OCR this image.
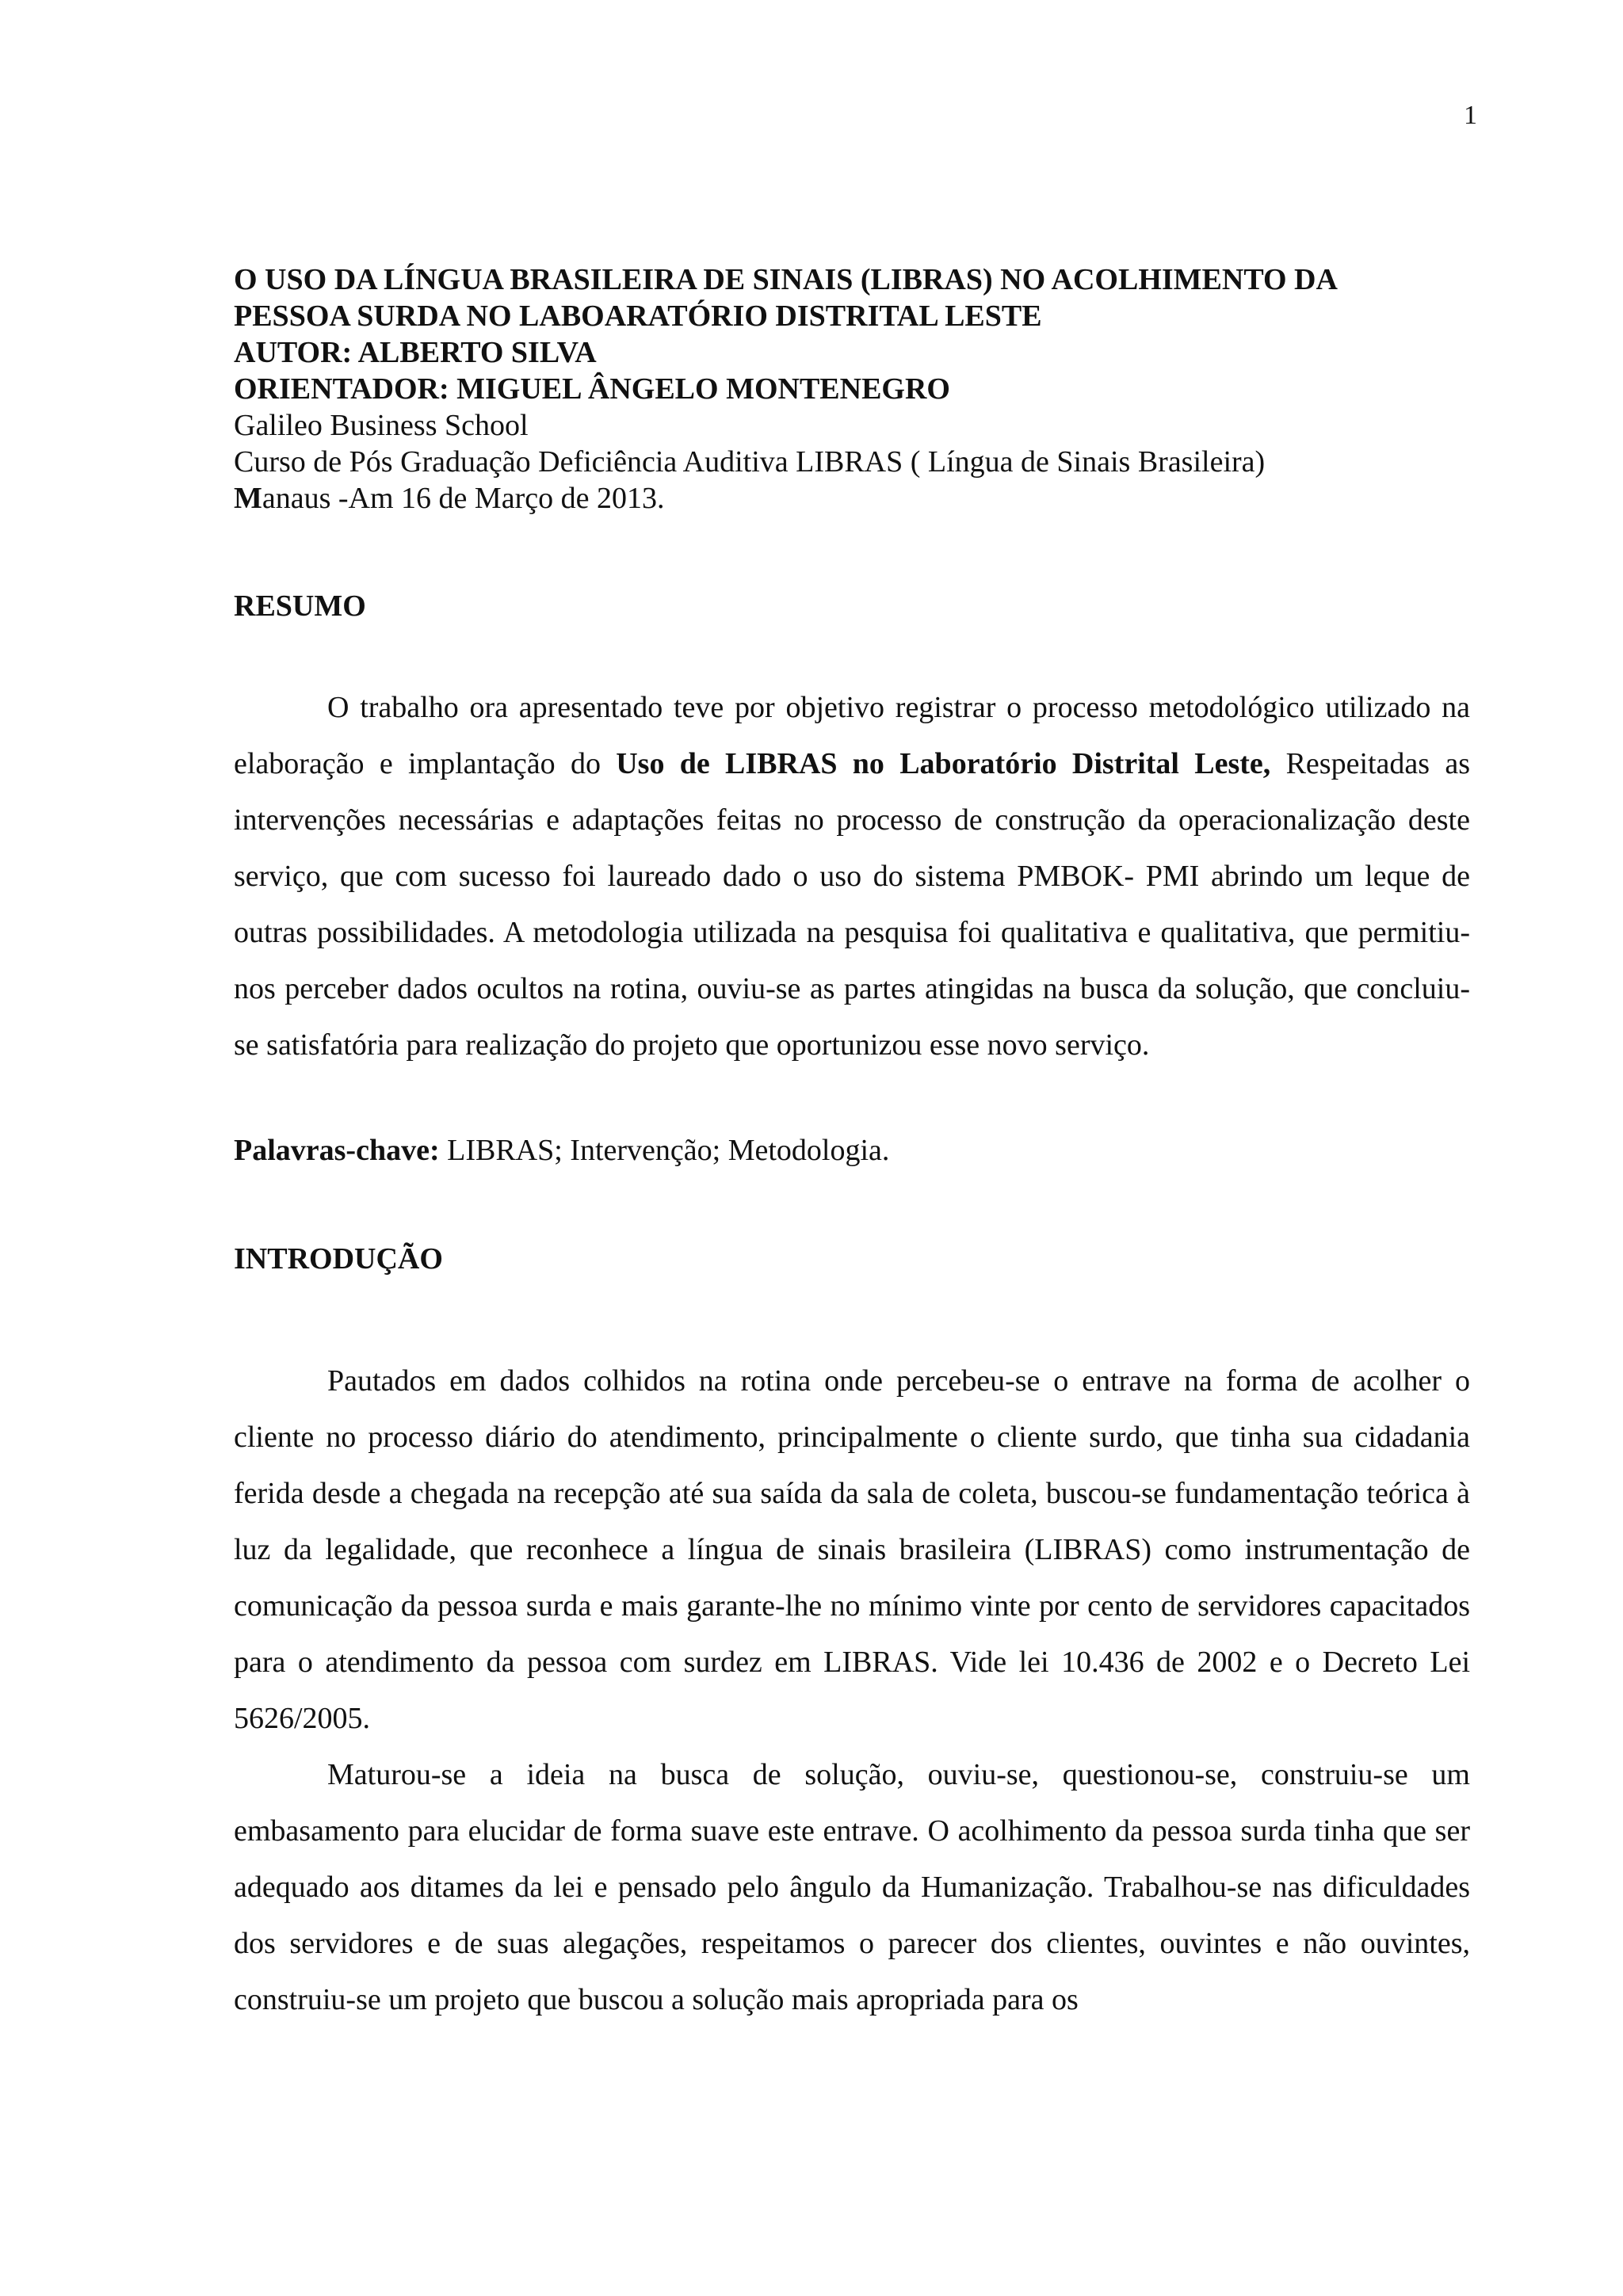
1
O USO DA LÍNGUA BRASILEIRA DE SINAIS (LIBRAS) NO ACOLHIMENTO DA
PESSOA SURDA NO LABOARATÓRIO DISTRITAL LESTE
AUTOR: ALBERTO SILVA
ORIENTADOR: MIGUEL ÂNGELO MONTENEGRO
Galileo Business School
Curso de Pós Graduação Deficiência Auditiva LIBRAS ( Língua de Sinais Brasileira)
Manaus -Am 16 de Março de 2013.
RESUMO

O trabalho ora apresentado teve por objetivo registrar o processo metodológico utilizado na elaboração e implantação do Uso de LIBRAS no Laboratório Distrital Leste, Respeitadas as intervenções necessárias e adaptações feitas no processo de construção da operacionalização deste serviço, que com sucesso foi laureado dado o uso do sistema PMBOK- PMI abrindo um leque de outras possibilidades. A metodologia utilizada na pesquisa foi qualitativa e qualitativa, que permitiu-nos perceber dados ocultos na rotina, ouviu-se as partes atingidas na busca da solução, que concluiu-se satisfatória para realização do projeto que oportunizou esse novo serviço.

Palavras-chave: LIBRAS; Intervenção; Metodologia.
INTRODUÇÃO

Pautados em dados colhidos na rotina onde percebeu-se o entrave na forma de acolher o cliente no processo diário do atendimento, principalmente o cliente surdo, que tinha sua cidadania ferida desde a chegada na recepção até sua saída da sala de coleta, buscou-se fundamentação teórica à luz da legalidade, que reconhece a língua de sinais brasileira (LIBRAS) como instrumentação de comunicação da pessoa surda e mais garante-lhe no mínimo vinte por cento de servidores capacitados para o atendimento da pessoa com surdez em LIBRAS. Vide lei 10.436 de 2002 e o Decreto Lei 5626/2005.

Maturou-se a ideia na busca de solução, ouviu-se, questionou-se, construiu-se um embasamento para elucidar de forma suave este entrave. O acolhimento da pessoa surda tinha que ser adequado aos ditames da lei e pensado pelo ângulo da Humanização. Trabalhou-se nas dificuldades dos servidores e de suas alegações, respeitamos o parecer dos clientes, ouvintes e não ouvintes, construiu-se um projeto que buscou a solução mais apropriada para os
